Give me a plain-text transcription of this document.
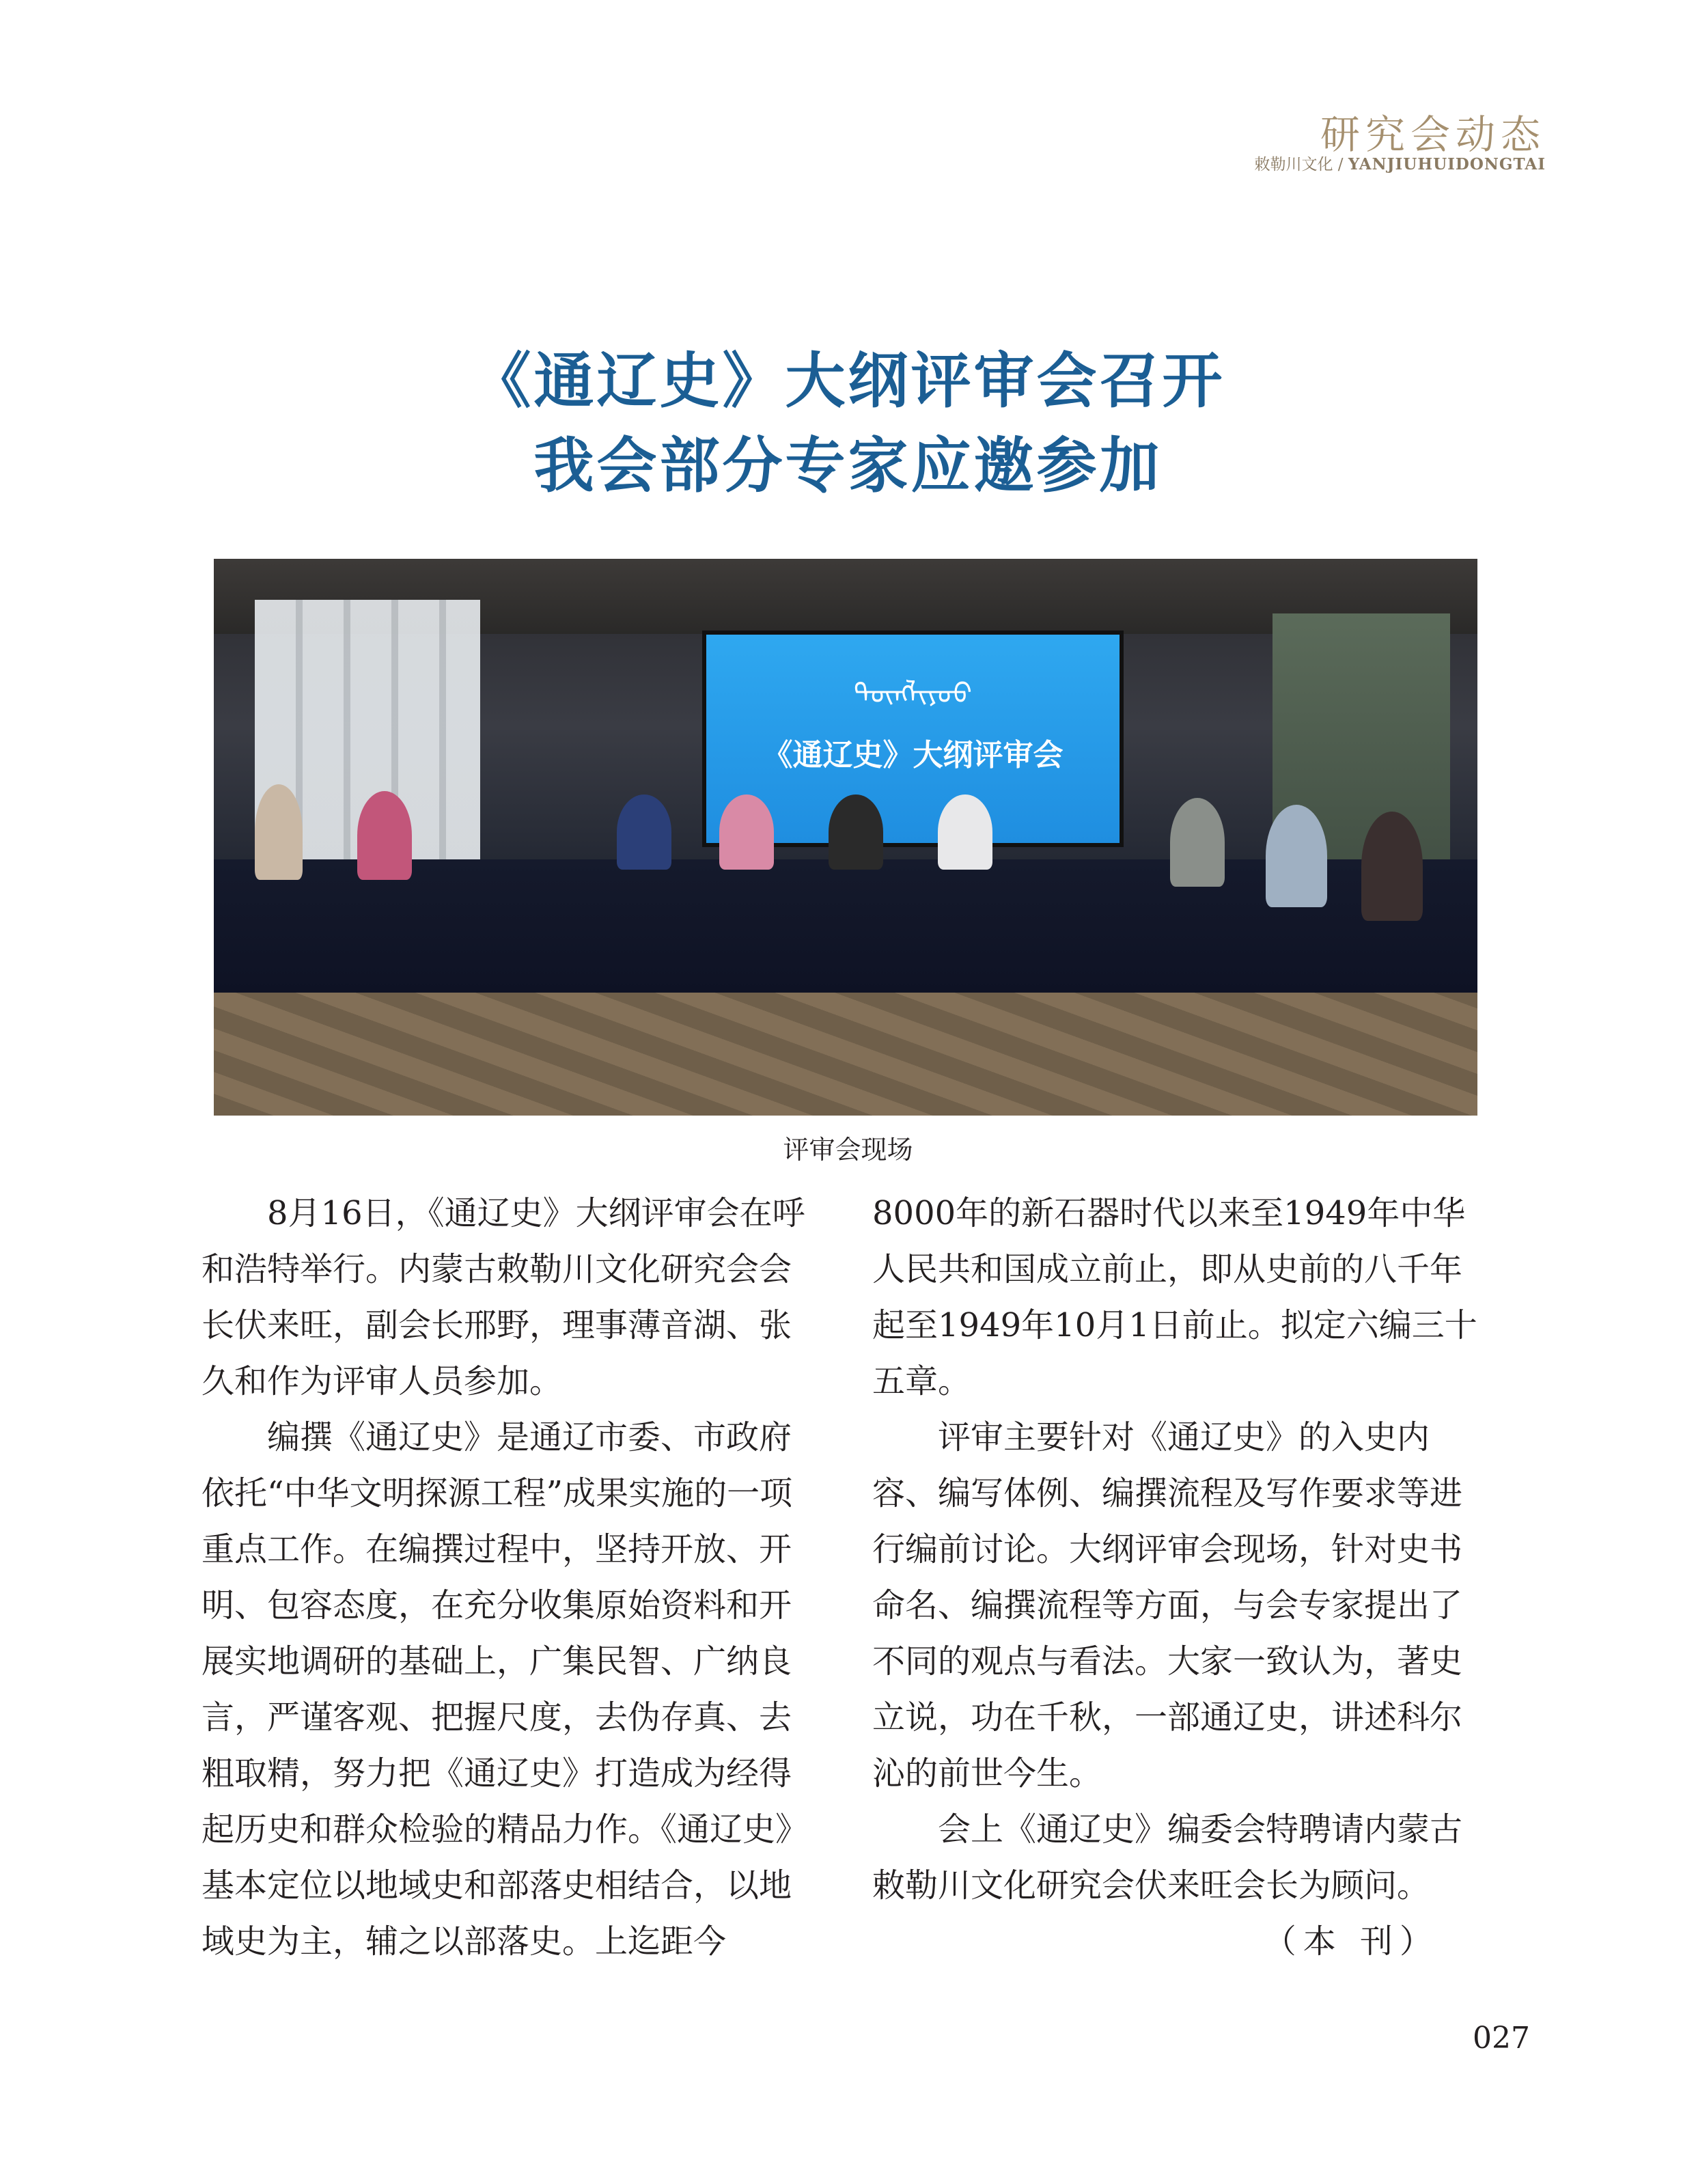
研究会动态
敕勒川文化 / YANJIUHUIDONGTAI
《通辽史》大纲评审会召开
我会部分专家应邀参加
ᠲᠦᠩᠯᠢᠶᠣᠤ
《通辽史》大纲评审会
评审会现场

8月16日，《通辽史》大纲评审会在呼和浩特举行。内蒙古敕勒川文化研究会会长伏来旺，副会长邢野，理事薄音湖、张久和作为评审人员参加。

编撰《通辽史》是通辽市委、市政府依托“中华文明探源工程”成果实施的一项重点工作。在编撰过程中，坚持开放、开明、包容态度，在充分收集原始资料和开展实地调研的基础上，广集民智、广纳良言，严谨客观、把握尺度，去伪存真、去粗取精，努力把《通辽史》打造成为经得起历史和群众检验的精品力作。《通辽史》基本定位以地域史和部落史相结合，以地域史为主，辅之以部落史。上迄距今

8000年的新石器时代以来至1949年中华人民共和国成立前止，即从史前的八千年起至1949年10月1日前止。拟定六编三十五章。

评审主要针对《通辽史》的入史内容、编写体例、编撰流程及写作要求等进行编前讨论。大纲评审会现场，针对史书命名、编撰流程等方面，与会专家提出了不同的观点与看法。大家一致认为，著史立说，功在千秋，一部通辽史，讲述科尔沁的前世今生。

会上《通辽史》编委会特聘请内蒙古敕勒川文化研究会伏来旺会长为顾问。

（本 刊）

027
